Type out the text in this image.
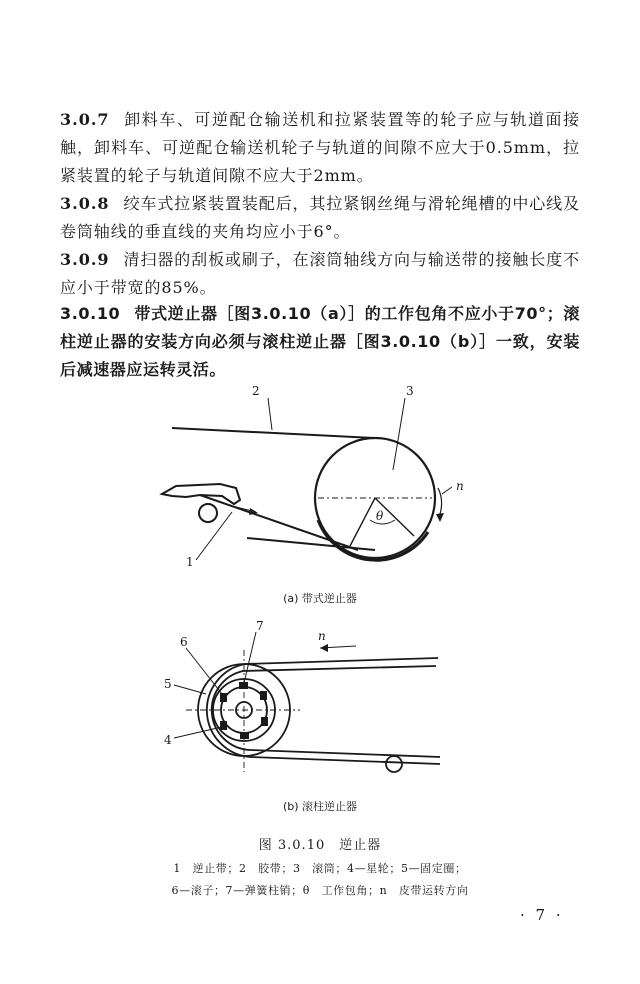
3.0.7 卸料车、可逆配仓输送机和拉紧装置等的轮子应与轨道面接触，卸料车、可逆配仓输送机轮子与轨道的间隙不应大于0.5mm，拉紧装置的轮子与轨道间隙不应大于2mm。

3.0.8 绞车式拉紧装置装配后，其拉紧钢丝绳与滑轮绳槽的中心线及卷筒轴线的垂直线的夹角均应小于6°。

3.0.9 清扫器的刮板或刷子，在滚筒轴线方向与输送带的接触长度不应小于带宽的85%。

3.0.10 带式逆止器［图3.0.10（a）］的工作包角不应小于70°；滚柱逆止器的安装方向必须与滚柱逆止器［图3.0.10（b）］一致，安装后减速器应运转灵活。

2	3
1
θ
n
(a) 带式逆止器
6
7
5
4
n
(b) 滚柱逆止器
图 3.0.10　逆止器
1　逆止带；2　胶带；3　滚筒；4—星轮；5—固定圈；
6—滚子；7—弹簧柱销；θ　工作包角；n　皮带运转方向
· 7 ·
